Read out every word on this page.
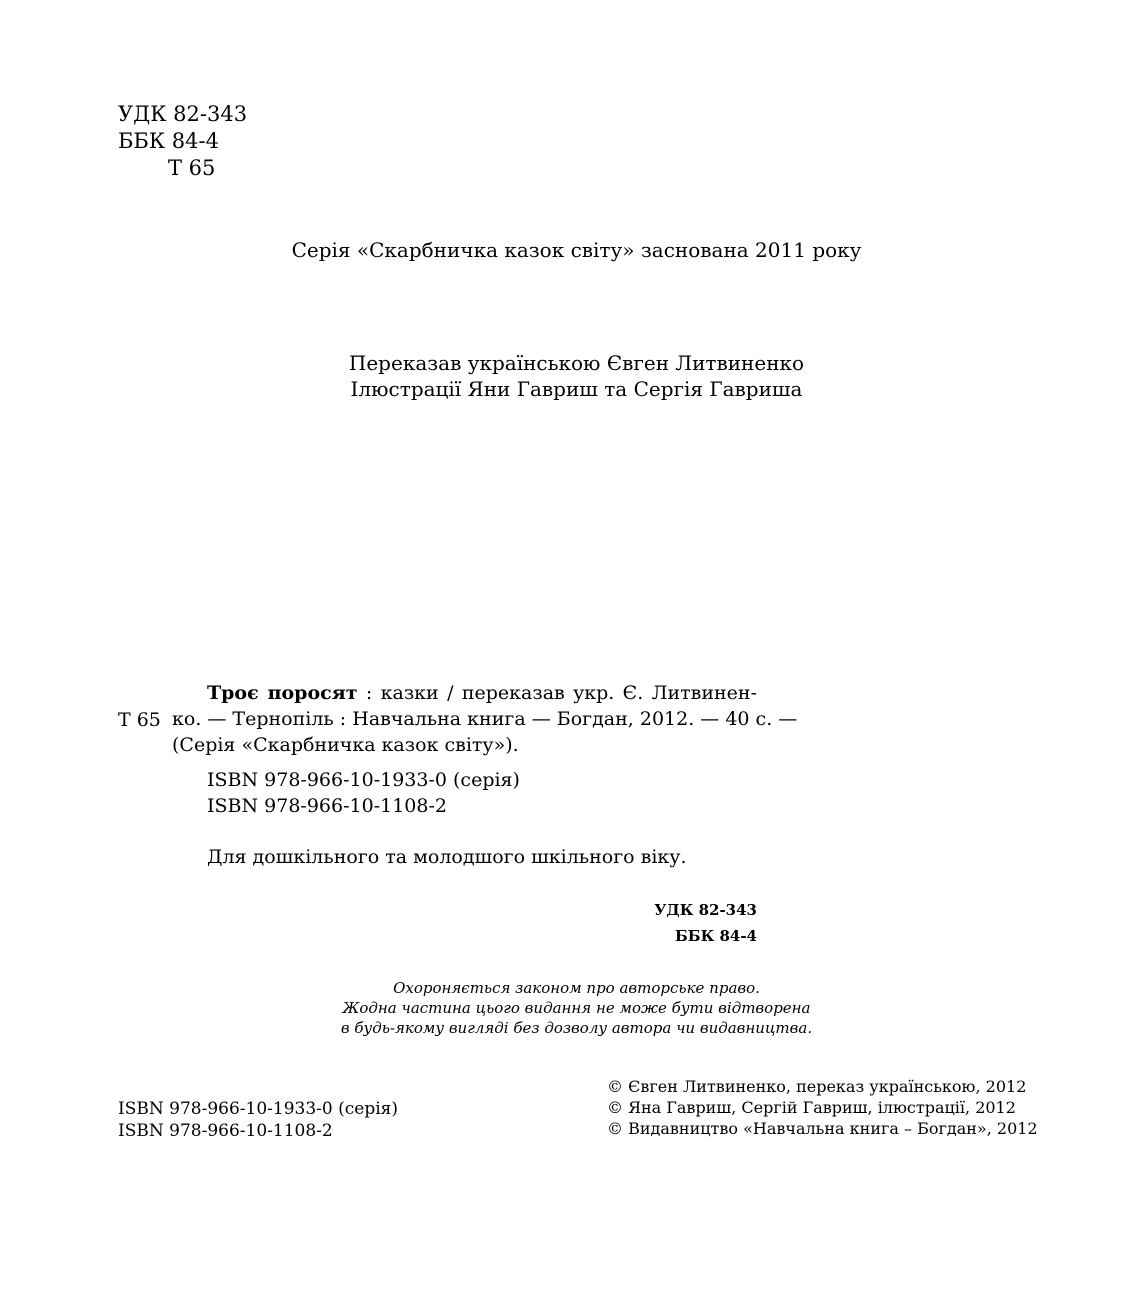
УДК 82-343
ББК 84-4
Т 65
Серія «Скарбничка казок світу» заснована 2011 року
Переказав українською Євген Литвиненко
Ілюстрації Яни Гавриш та Сергія Гавриша
Т 65
Троє поросят : казки / переказав укр. Є. Литвинен-
ко. — Тернопіль : Навчальна книга — Богдан, 2012. — 40 с. —
(Серія «Скарбничка казок світу»).
ISBN 978-966-10-1933-0 (серія)
ISBN 978-966-10-1108-2
Для дошкільного та молодшого шкільного віку.
УДК 82-343
ББК 84-4
Охороняється законом про авторське право.
Жодна частина цього видання не може бути відтворена
в будь-якому вигляді без дозволу автора чи видавництва.
ISBN 978-966-10-1933-0 (серія)
ISBN 978-966-10-1108-2
© Євген Литвиненко, переказ українською, 2012
© Яна Гавриш, Сергій Гавриш, ілюстрації, 2012
© Видавництво «Навчальна книга – Богдан», 2012
